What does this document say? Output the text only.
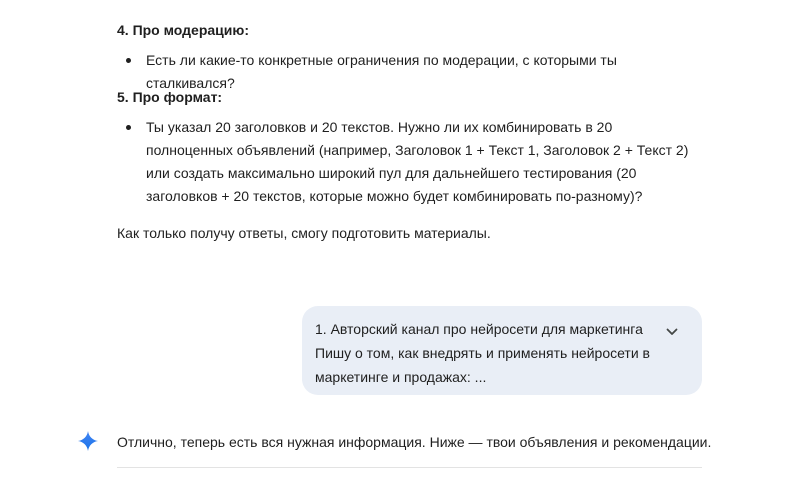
4. Про модерацию:
Есть ли какие-то конкретные ограничения по модерации, с которыми ты сталкивался?
5. Про формат:
Ты указал 20 заголовков и 20 текстов. Нужно ли их комбинировать в 20 полноценных объявлений (например, Заголовок 1 + Текст 1, Заголовок 2 + Текст 2) или создать максимально широкий пул для дальнейшего тестирования (20 заголовков + 20 текстов, которые можно будет комбинировать по-разному)?
Как только получу ответы, смогу подготовить материалы.
1. Авторский канал про нейросети для маркетинга
Пишу о том, как внедрять и применять нейросети в
маркетинге и продажах: ...
Отлично, теперь есть вся нужная информация. Ниже — твои объявления и рекомендации.
